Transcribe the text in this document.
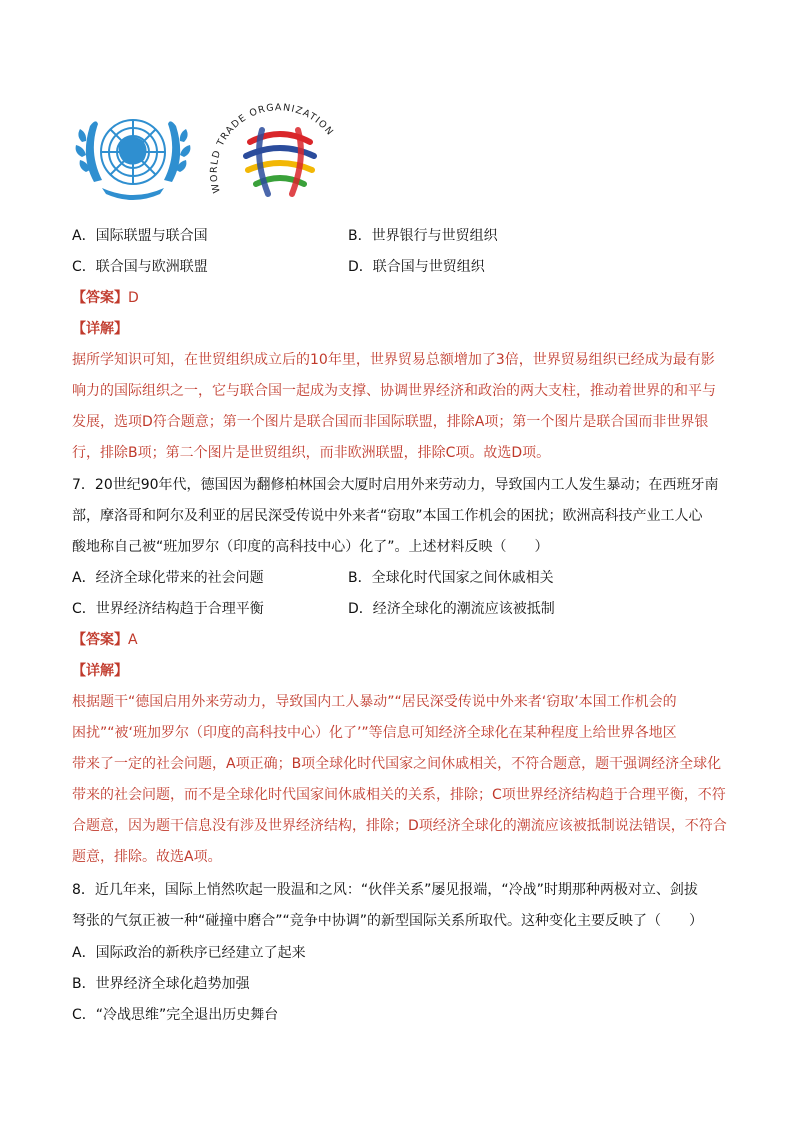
WORLD TRADE ORGANIZATION
A．国际联盟与联合国	B．世界银行与世贸组织
C．联合国与欧洲联盟	D．联合国与世贸组织
【答案】D
【详解】
据所学知识可知，在世贸组织成立后的10年里，世界贸易总额增加了3倍，世界贸易组织已经成为最有影
响力的国际组织之一，它与联合国一起成为支撑、协调世界经济和政治的两大支柱，推动着世界的和平与
发展，选项D符合题意；第一个图片是联合国而非国际联盟，排除A项；第一个图片是联合国而非世界银
行，排除B项；第二个图片是世贸组织，而非欧洲联盟，排除C项。故选D项。
7．20世纪90年代，德国因为翻修柏林国会大厦时启用外来劳动力，导致国内工人发生暴动；在西班牙南
部，摩洛哥和阿尔及利亚的居民深受传说中外来者“窃取”本国工作机会的困扰；欧洲高科技产业工人心
酸地称自己被“班加罗尔（印度的高科技中心）化了”。上述材料反映（　　）
A．经济全球化带来的社会问题	B．全球化时代国家之间休戚相关
C．世界经济结构趋于合理平衡	D．经济全球化的潮流应该被抵制
【答案】A
【详解】
根据题干“德国启用外来劳动力，导致国内工人暴动”“居民深受传说中外来者‘窃取’本国工作机会的
困扰”“被‘班加罗尔（印度的高科技中心）化了’”等信息可知经济全球化在某种程度上给世界各地区
带来了一定的社会问题，A项正确；B项全球化时代国家之间休戚相关，不符合题意，题干强调经济全球化
带来的社会问题，而不是全球化时代国家间休戚相关的关系，排除；C项世界经济结构趋于合理平衡，不符
合题意，因为题干信息没有涉及世界经济结构，排除；D项经济全球化的潮流应该被抵制说法错误，不符合
题意，排除。故选A项。
8．近几年来，国际上悄然吹起一股温和之风：“伙伴关系”屡见报端，“冷战”时期那种两极对立、剑拔
弩张的气氛正被一种“碰撞中磨合”“竞争中协调”的新型国际关系所取代。这种变化主要反映了（　　）
A．国际政治的新秩序已经建立了起来
B．世界经济全球化趋势加强
C．“冷战思维”完全退出历史舞台
